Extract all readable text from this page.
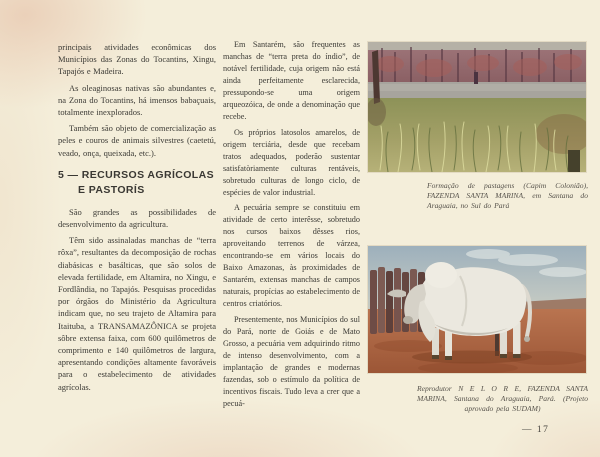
principais atividades econômicas dos Municípios das Zonas do Tocantins, Xingu, Tapajós e Madeira.

As oleaginosas nativas são abundantes e, na Zona do Tocantins, há imensos babaçuais, totalmente inexplorados.

Também são objeto de comercialização as peles e couros de animais silvestres (caetetú, veado, onça, queixada, etc.).

5 — RECURSOS AGRÍCOLAS
E PASTORÍS

São grandes as possibilidades de desenvolvimento da agricultura.

Têm sido assinaladas manchas de “terra rôxa”, resultantes da decomposição de rochas diabásicas e basálticas, que são solos de elevada fertilidade, em Altamira, no Xingu, e Fordlândia, no Tapajós. Pesquisas procedidas por órgãos do Ministério da Agricultura indicam que, no seu trajeto de Altamira para Itaituba, a TRANSAMAZÔNICA se projeta sôbre extensa faixa, com 600 quilômetros de comprimento e 140 quilômetros de largura, apresentando condições altamente favoráveis para o estabelecimento de atividades agrícolas.

Em Santarém, são frequentes as manchas de “terra preta do índio”, de notável fertilidade, cuja origem não está ainda perfeitamente esclarecida, pressupondo-se uma origem arqueozóica, de onde a denominação que recebe.

Os próprios latosolos amarelos, de origem terciária, desde que recebam tratos adequados, poderão sustentar satisfatòriamente culturas rentáveis, sobretudo culturas de longo ciclo, de espécies de valor industrial.

A pecuária sempre se constituiu em atividade de certo interêsse, sobretudo nos cursos baixos dêsses rios, aproveitando terrenos de várzea, encontrando-se em vários locais do Baixo Amazonas, às proximidades de Santarém, extensas manchas de campos naturais, propícias ao estabelecimento de centros criatórios.

Presentemente, nos Municípios do sul do Pará, norte de Goiás e de Mato Grosso, a pecuária vem adquirindo ritmo de intenso desenvolvimento, com a implantação de grandes e modernas fazendas, sob o estímulo da política de incentivos fiscais. Tudo leva a crer que a pecuá-

Formação de pastagens (Capim Colonião), FAZENDA SANTA MARINA, em Santana do Araguaia, no Sul do Pará
Reprodutor N E L O R E, FAZENDA SANTA MARINA, Santana do Araguaia, Pará. (Projeto aprovado pela SUDAM)
— 17
